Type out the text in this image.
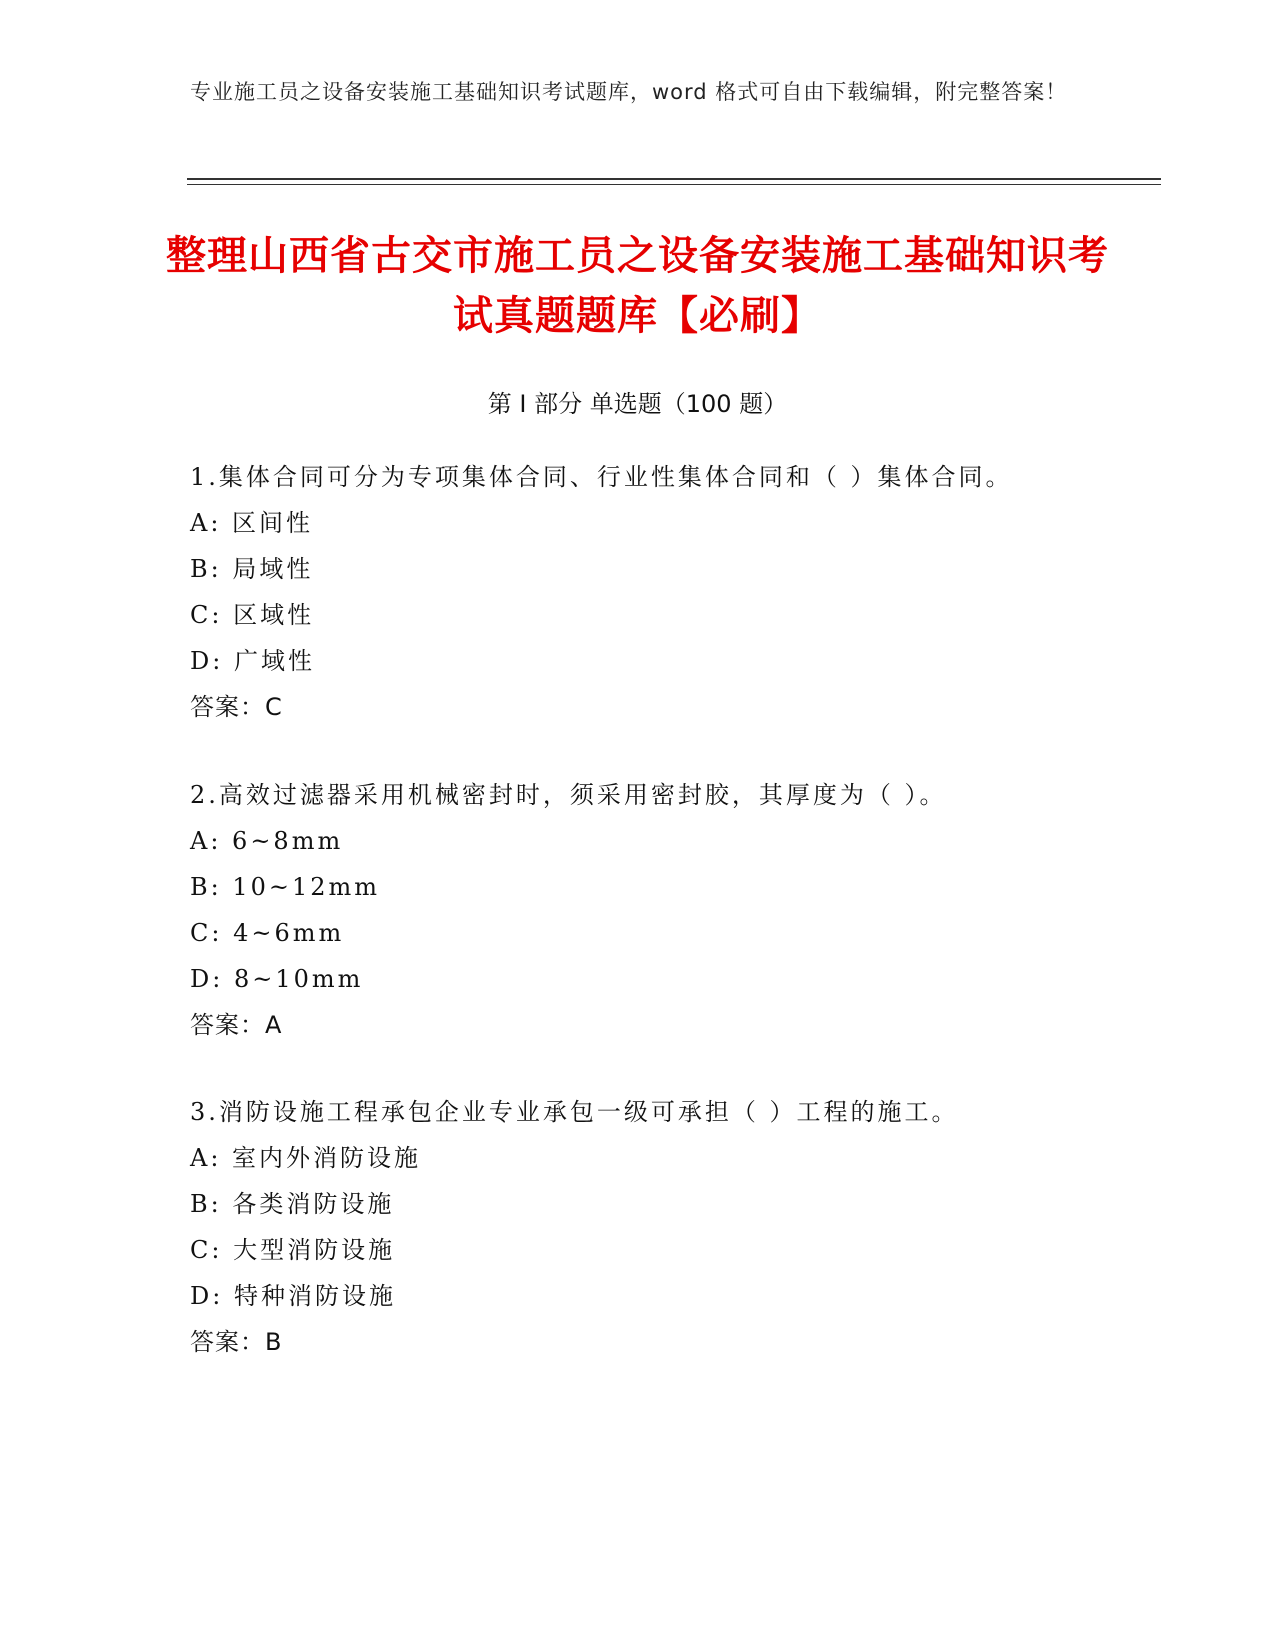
专业施工员之设备安装施工基础知识考试题库，word 格式可自由下载编辑，附完整答案！
整理山西省古交市施工员之设备安装施工基础知识考试真题题库【必刷】
第 I 部分 单选题（100 题）
1.集体合同可分为专项集体合同、行业性集体合同和（ ）集体合同。
A: 区间性
B: 局域性
C: 区域性
D: 广域性
答案：C
2.高效过滤器采用机械密封时，须采用密封胶，其厚度为（ ）。
A: 6~8mm
B: 10~12mm
C: 4~6mm
D: 8~10mm
答案：A
3.消防设施工程承包企业专业承包一级可承担（ ）工程的施工。
A: 室内外消防设施
B: 各类消防设施
C: 大型消防设施
D: 特种消防设施
答案：B
